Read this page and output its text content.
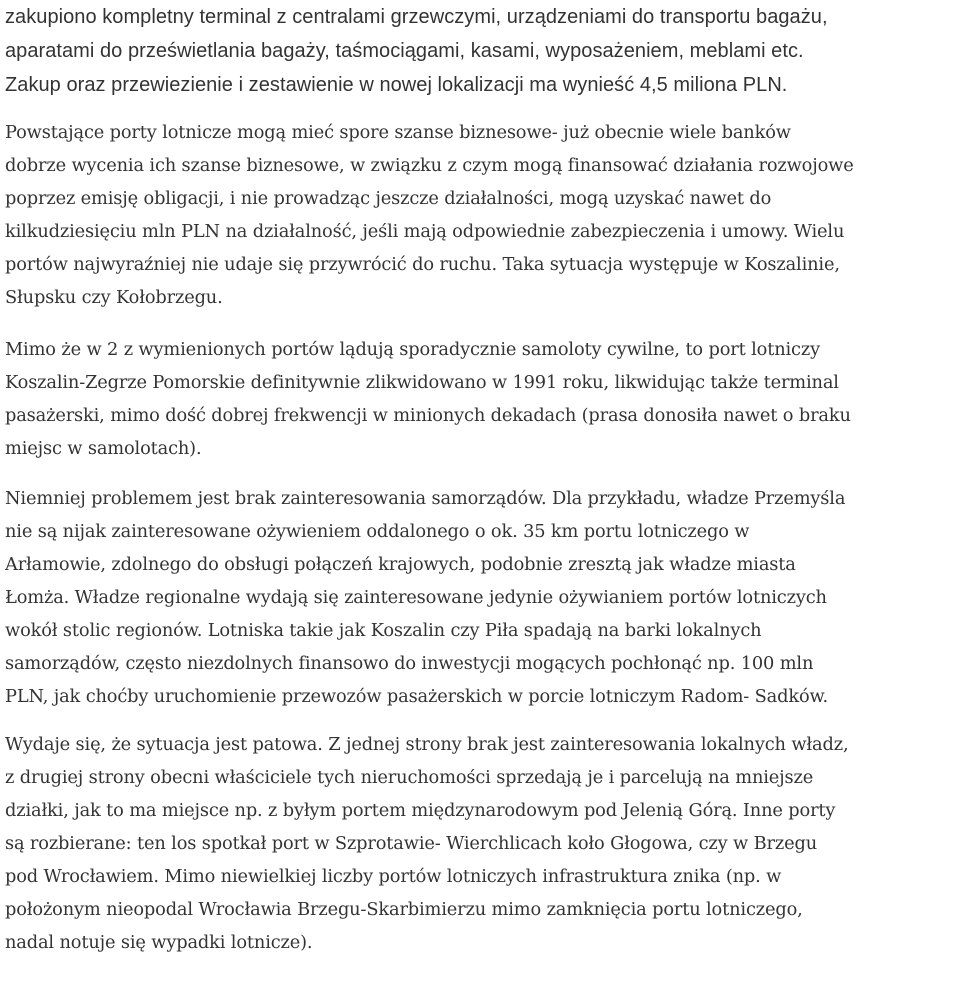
zakupiono kompletny terminal z centralami grzewczymi, urządzeniami do transportu bagażu,
aparatami do prześwietlania bagaży, taśmociągami, kasami, wyposażeniem, meblami etc.
Zakup oraz przewiezienie i zestawienie w nowej lokalizacji ma wynieść 4,5 miliona PLN.
Powstające porty lotnicze mogą mieć spore szanse biznesowe- już obecnie wiele banków
dobrze wycenia ich szanse biznesowe, w związku z czym mogą finansować działania rozwojowe
poprzez emisję obligacji, i nie prowadząc jeszcze działalności, mogą uzyskać nawet do
kilkudziesięciu mln PLN na działalność, jeśli mają odpowiednie zabezpieczenia i umowy. Wielu
portów najwyraźniej nie udaje się przywrócić do ruchu. Taka sytuacja występuje w Koszalinie,
Słupsku czy Kołobrzegu.
Mimo że w 2 z wymienionych portów lądują sporadycznie samoloty cywilne, to port lotniczy
Koszalin-Zegrze Pomorskie definitywnie zlikwidowano w 1991 roku, likwidując także terminal
pasażerski, mimo dość dobrej frekwencji w minionych dekadach (prasa donosiła nawet o braku
miejsc w samolotach).
Niemniej problemem jest brak zainteresowania samorządów. Dla przykładu, władze Przemyśla
nie są nijak zainteresowane ożywieniem oddalonego o ok. 35 km portu lotniczego w
Arłamowie, zdolnego do obsługi połączeń krajowych, podobnie zresztą jak władze miasta
Łomża. Władze regionalne wydają się zainteresowane jedynie ożywianiem portów lotniczych
wokół stolic regionów. Lotniska takie jak Koszalin czy Piła spadają na barki lokalnych
samorządów, często niezdolnych finansowo do inwestycji mogących pochłonąć np. 100 mln
PLN, jak choćby uruchomienie przewozów pasażerskich w porcie lotniczym Radom- Sadków.
Wydaje się, że sytuacja jest patowa. Z jednej strony brak jest zainteresowania lokalnych władz,
z drugiej strony obecni właściciele tych nieruchomości sprzedają je i parcelują na mniejsze
działki, jak to ma miejsce np. z byłym portem międzynarodowym pod Jelenią Górą. Inne porty
są rozbierane: ten los spotkał port w Szprotawie- Wierchlicach koło Głogowa, czy w Brzegu
pod Wrocławiem. Mimo niewielkiej liczby portów lotniczych infrastruktura znika (np. w
położonym nieopodal Wrocławia Brzegu-Skarbimierzu mimo zamknięcia portu lotniczego,
nadal notuje się wypadki lotnicze).
